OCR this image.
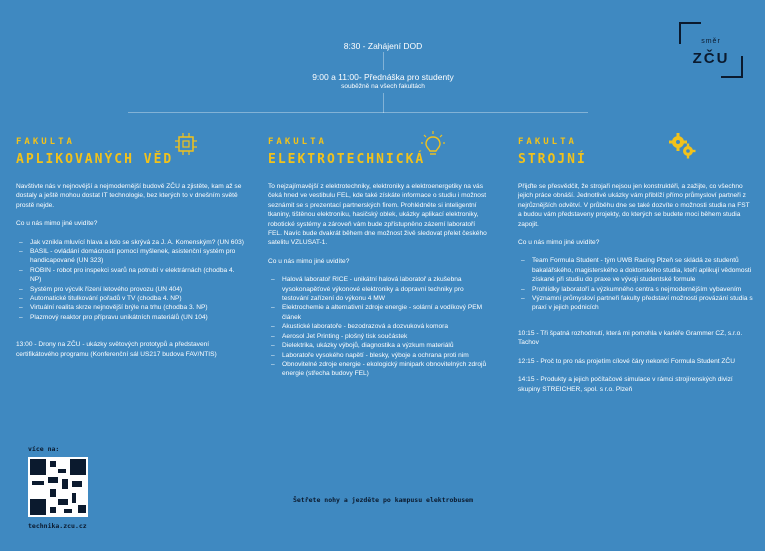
8:30 - Zahájení DOD
9:00 a 11:00- Přednáška pro studenty
souběžně na všech fakultách
směr
ZČU
FAKULTA
APLIKOVANÝCH VĚD

Navštivte nás v nejnovější a nejmodernější budově ZČU a zjistěte, kam až se dostaly a ještě mohou dostat IT technologie, bez kterých to v dnešním světě prostě nejde.

Co u nás mimo jiné uvidíte?

– Jak vznikla mluvící hlava a kdo se skrývá za J. A. Komenským? (UN 603)
– BASIL - ovládání domácnosti pomocí myšlenek, asistenční systém pro handicapované (UN 323)
– ROBIN - robot pro inspekci svarů na potrubí v elektrárnách (chodba 4. NP)
– Systém pro výcvik řízení letového provozu (UN 404)
– Automatické titulkování pořadů v TV (chodba 4. NP)
– Virtuální realita skrze nejnovější brýle na trhu (chodba 3. NP)
– Plazmový reaktor pro přípravu unikátních materiálů (UN 104)

13:00 - Drony na ZČU - ukázky světových prototypů a představení certifikátového programu (Konferenční sál US217 budova FAV/NTIS)

FAKULTA
ELEKTROTECHNICKÁ

To nejzajímavější z elektrotechniky, elektroniky a elektroenergetiky na vás čeká hned ve vestibulu FEL, kde také získáte informace o studiu i možnost seznámit se s prezentací partnerských firem. Prohlédněte si inteligentní tkaniny, tištěnou elektroniku, hasičský oblek, ukázky aplikací elektroniky, robotické systémy a zároveň vám bude zpřístupněno zázemí laboratoří FEL. Navíc bude dvakrát během dne možnost živě sledovat přelet českého satelitu VZLUSAT-1.

Co u nás mimo jiné uvidíte?

– Halová laboratoř RICE - unikátní halová laboratoř a zkušebna vysokonapěťové výkonové elektroniky a dopravní techniky pro testování zařízení do výkonu 4 MW
– Elektrochemie a alternativní zdroje energie - solární a vodíkový PEM článek
– Akustické laboratoře - bezodrazová a dozvuková komora
– Aerosol Jet Printing - plošný tisk součástek
– Dielektrika, ukázky výbojů, diagnostika a výzkum materiálů
– Laboratoře vysokého napětí - blesky, výboje a ochrana proti nim
– Obnovitelné zdroje energie - ekologický minipark obnovitelných zdrojů energie (střecha budovy FEL)
FAKULTA
STROJNÍ

Přijďte se přesvědčit, že strojaři nejsou jen konstruktéři, a zažijte, co všechno jejich práce obnáší. Jednotlivé ukázky vám přiblíží přímo průmysloví partneři z nejrůznějších odvětví. V průběhu dne se také dozvíte o možnosti studia na FST a budou vám představeny projekty, do kterých se budete moci během studia zapojit.

Co u nás mimo jiné uvidíte?

– Team Formula Student - tým UWB Racing Plzeň se skládá ze studentů bakalářského, magisterského a doktorského studia, kteří aplikují vědomosti získané při studiu do praxe ve vývoji studentské formule
– Prohlídky laboratoří a výzkumného centra s nejmodernějším vybavením
– Významní průmysloví partneři fakulty představí možnosti provázání studia s praxí v jejich podnicích

10:15 - Tři špatná rozhodnutí, která mi pomohla v kariéře Grammer CZ, s.r.o. Tachov

12:15 - Proč to pro nás projetím cílové čáry nekončí Formula Student ZČU

14:15 - Produkty a jejich počítačové simulace v rámci strojírenských divizí skupiny STREICHER, spol. s r.o. Plzeň

více na:
technika.zcu.cz
Šetřete nohy a jezděte po kampusu elektrobusem
